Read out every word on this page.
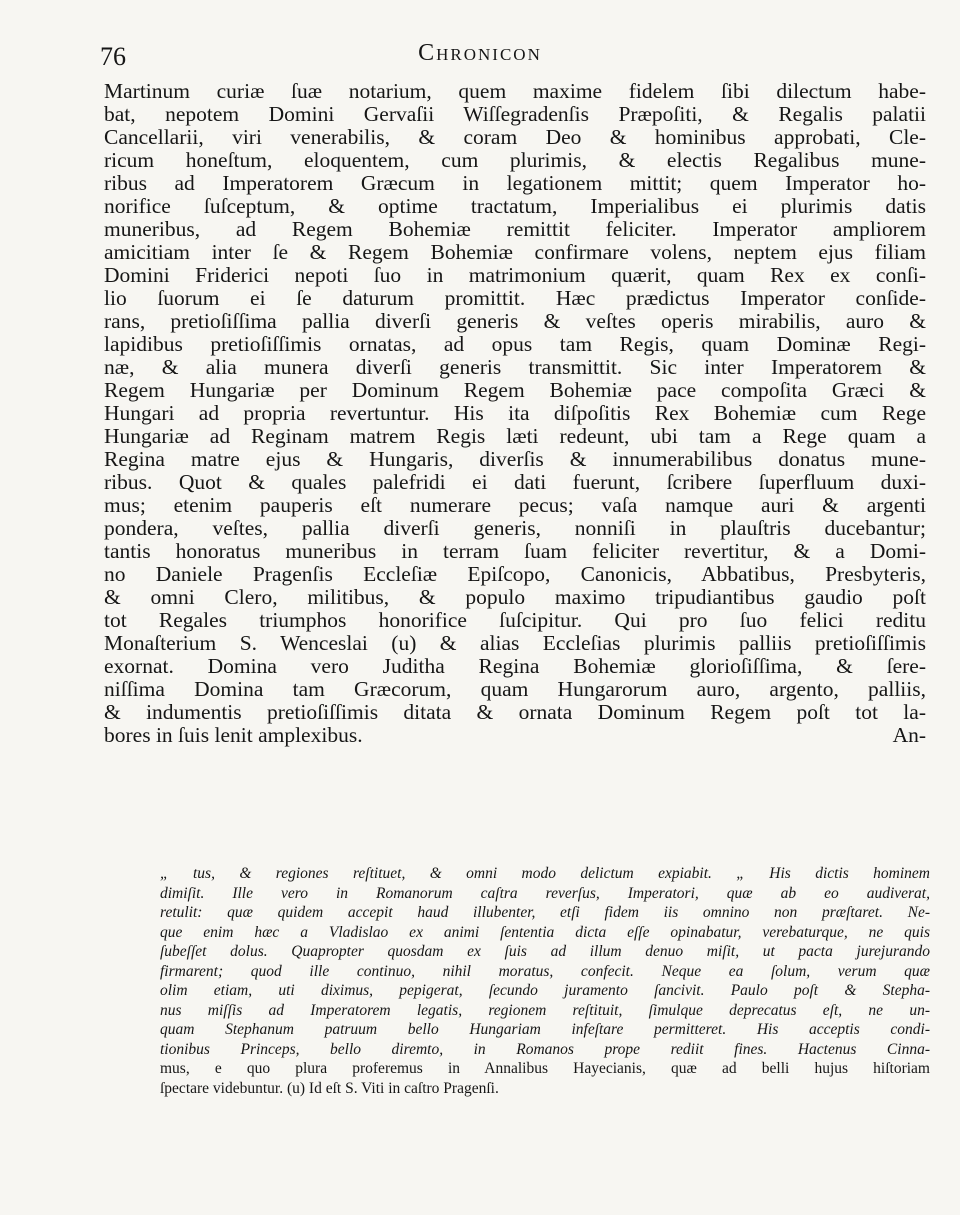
76	Chronicon
Martinum curiæ ſuæ notarium, quem maxime fidelem ſibi dilectum habe-
bat, nepotem Domini Gervaſii Wiſſegradenſis Præpoſiti, & Regalis palatii
Cancellarii, viri venerabilis, & coram Deo & hominibus approbati, Cle-
ricum honeſtum, eloquentem, cum plurimis, & electis Regalibus mune-
ribus ad Imperatorem Græcum in legationem mittit; quem Imperator ho-
norifice ſuſceptum, & optime tractatum, Imperialibus ei plurimis datis
muneribus, ad Regem Bohemiæ remittit feliciter. Imperator ampliorem
amicitiam inter ſe & Regem Bohemiæ confirmare volens, neptem ejus filiam
Domini Friderici nepoti ſuo in matrimonium quærit, quam Rex ex conſi-
lio ſuorum ei ſe daturum promittit. Hæc prædictus Imperator conſide-
rans, pretioſiſſima pallia diverſi generis & veſtes operis mirabilis, auro &
lapidibus pretioſiſſimis ornatas, ad opus tam Regis, quam Dominæ Regi-
næ, & alia munera diverſi generis transmittit. Sic inter Imperatorem &
Regem Hungariæ per Dominum Regem Bohemiæ pace compoſita Græci &
Hungari ad propria revertuntur. His ita diſpoſitis Rex Bohemiæ cum Rege
Hungariæ ad Reginam matrem Regis læti redeunt, ubi tam a Rege quam a
Regina matre ejus & Hungaris, diverſis & innumerabilibus donatus mune-
ribus. Quot & quales palefridi ei dati fuerunt, ſcribere ſuperfluum duxi-
mus; etenim pauperis eſt numerare pecus; vaſa namque auri & argenti
pondera, veſtes, pallia diverſi generis, nonniſi in plauſtris ducebantur;
tantis honoratus muneribus in terram ſuam feliciter revertitur, & a Domi-
no Daniele Pragenſis Eccleſiæ Epiſcopo, Canonicis, Abbatibus, Presbyteris,
& omni Clero, militibus, & populo maximo tripudiantibus gaudio poſt
tot Regales triumphos honorifice ſuſcipitur. Qui pro ſuo felici reditu
Monaſterium S. Wenceslai (u) & alias Eccleſias plurimis palliis pretioſiſſimis
exornat. Domina vero Juditha Regina Bohemiæ glorioſiſſima, & ſere-
niſſima Domina tam Græcorum, quam Hungarorum auro, argento, palliis,
& indumentis pretioſiſſimis ditata & ornata Dominum Regem poſt tot la-
bores in ſuis lenit amplexibus.	An-
„ tus, & regiones reſtituet, & omni modo delictum expiabit. „ His dictis hominem
dimiſit. Ille vero in Romanorum caſtra reverſus, Imperatori, quæ ab eo audiverat,
retulit: quæ quidem accepit haud illubenter, etſi fidem iis omnino non præſtaret. Ne-
que enim hæc a Vladislao ex animi ſententia dicta eſſe opinabatur, verebaturque, ne quis
ſubeſſet dolus. Quapropter quosdam ex ſuis ad illum denuo miſit, ut pacta jurejurando
firmarent; quod ille continuo, nihil moratus, confecit. Neque ea ſolum, verum quæ
olim etiam, uti diximus, pepigerat, ſecundo juramento ſancivit. Paulo poſt & Stepha-
nus miſſis ad Imperatorem legatis, regionem reſtituit, ſimulque deprecatus eſt, ne un-
quam Stephanum patruum bello Hungariam infeſtare permitteret. His acceptis condi-
tionibus Princeps, bello diremto, in Romanos prope rediit fines. Hactenus Cinna-
mus, e quo plura proferemus in Annalibus Hayecianis, quæ ad belli hujus hiſtoriam
ſpectare videbuntur. (u) Id eſt S. Viti in caſtro Pragenſi.
